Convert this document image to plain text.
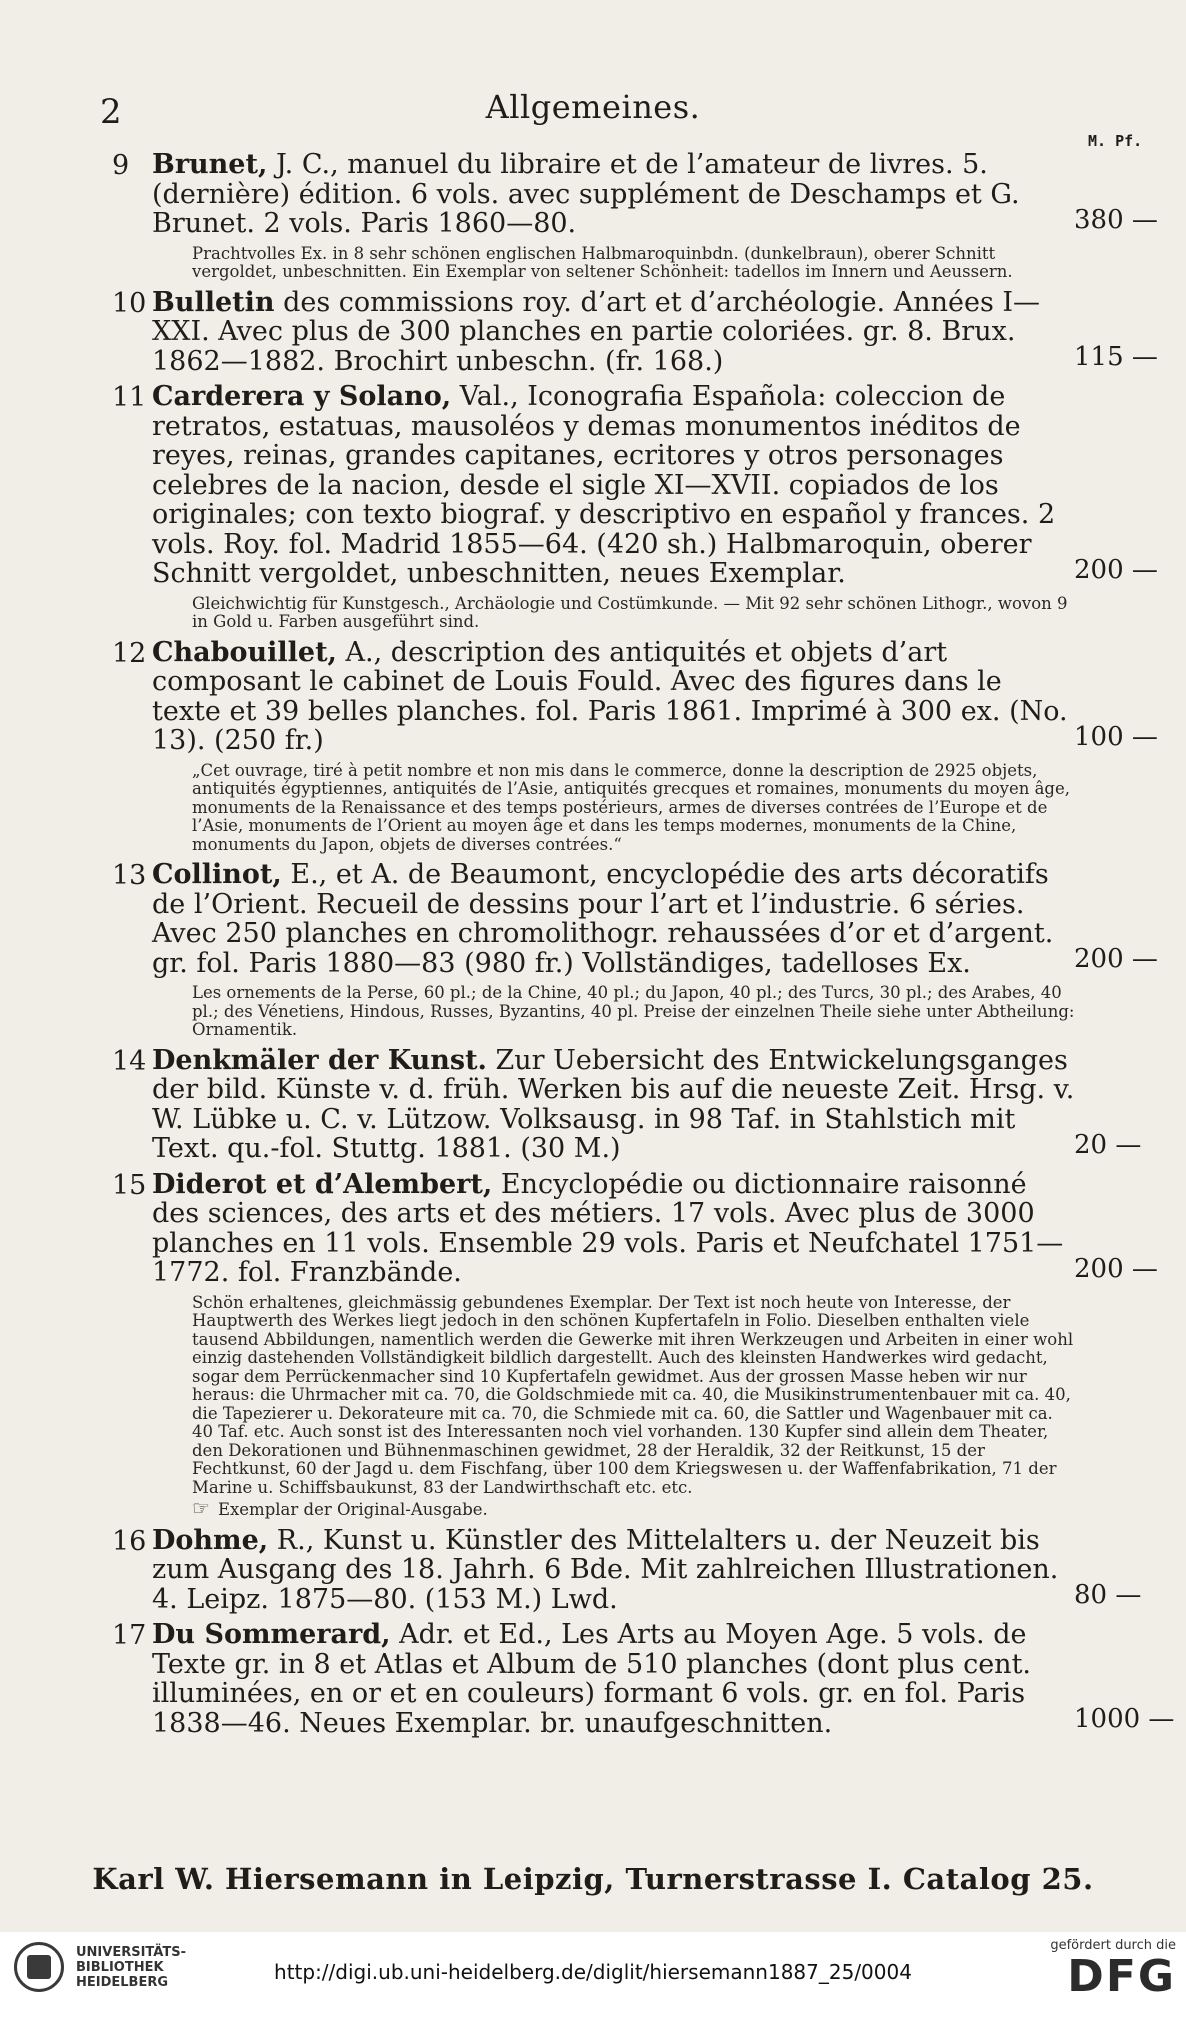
2	Allgemeines.
M. Pf.
9 Brunet, J. C., manuel du libraire et de l’amateur de livres. 5. (dernière) édition. 6 vols. avec supplément de Deschamps et G. Brunet. 2 vols. Paris 1860—80.	380 —
Prachtvolles Ex. in 8 sehr schönen englischen Halbmaroquinbdn. (dunkelbraun), oberer Schnitt vergoldet, unbeschnitten. Ein Exemplar von seltener Schönheit: tadellos im Innern und Aeussern.
10 Bulletin des commissions roy. d’art et d’archéologie. Années I—XXI. Avec plus de 300 planches en partie coloriées. gr. 8. Brux. 1862—1882. Brochirt unbeschn. (fr. 168.)	115 —
11 Carderera y Solano, Val., Iconografia Española: coleccion de retratos, estatuas, mausoléos y demas monumentos inéditos de reyes, reinas, grandes capitanes, ecritores y otros personages celebres de la nacion, desde el sigle XI—XVII. copiados de los originales; con texto biograf. y descriptivo en español y frances. 2 vols. Roy. fol. Madrid 1855—64. (420 sh.) Halbmaroquin, oberer Schnitt vergoldet, unbeschnitten, neues Exemplar.	200 —
Gleichwichtig für Kunstgesch., Archäologie und Costümkunde. — Mit 92 sehr schönen Lithogr., wovon 9 in Gold u. Farben ausgeführt sind.
12 Chabouillet, A., description des antiquités et objets d’art composant le cabinet de Louis Fould. Avec des figures dans le texte et 39 belles planches. fol. Paris 1861. Imprimé à 300 ex. (No. 13). (250 fr.)	100 —
„Cet ouvrage, tiré à petit nombre et non mis dans le commerce, donne la description de 2925 objets, antiquités égyptiennes, antiquités de l’Asie, antiquités grecques et romaines, monuments du moyen âge, monuments de la Renaissance et des temps postérieurs, armes de diverses contrées de l’Europe et de l’Asie, monuments de l’Orient au moyen âge et dans les temps modernes, monuments de la Chine, monuments du Japon, objets de diverses contrées.“
13 Collinot, E., et A. de Beaumont, encyclopédie des arts décoratifs de l’Orient. Recueil de dessins pour l’art et l’industrie. 6 séries. Avec 250 planches en chromolithogr. rehaussées d’or et d’argent. gr. fol. Paris 1880—83 (980 fr.) Vollständiges, tadelloses Ex.	200 —
Les ornements de la Perse, 60 pl.; de la Chine, 40 pl.; du Japon, 40 pl.; des Turcs, 30 pl.; des Arabes, 40 pl.; des Vénetiens, Hindous, Russes, Byzantins, 40 pl. Preise der einzelnen Theile siehe unter Abtheilung: Ornamentik.
14 Denkmäler der Kunst. Zur Uebersicht des Entwickelungsganges der bild. Künste v. d. früh. Werken bis auf die neueste Zeit. Hrsg. v. W. Lübke u. C. v. Lützow. Volksausg. in 98 Taf. in Stahlstich mit Text. qu.-fol. Stuttg. 1881. (30 M.)	20 —
15 Diderot et d’Alembert, Encyclopédie ou dictionnaire raisonné des sciences, des arts et des métiers. 17 vols. Avec plus de 3000 planches en 11 vols. Ensemble 29 vols. Paris et Neufchatel 1751—1772. fol. Franzbände.	200 —
Schön erhaltenes, gleichmässig gebundenes Exemplar. Der Text ist noch heute von Interesse, der Hauptwerth des Werkes liegt jedoch in den schönen Kupfertafeln in Folio. Dieselben enthalten viele tausend Abbildungen, namentlich werden die Gewerke mit ihren Werkzeugen und Arbeiten in einer wohl einzig dastehenden Vollständigkeit bildlich dargestellt. Auch des kleinsten Handwerkes wird gedacht, sogar dem Perrückenmacher sind 10 Kupfertafeln gewidmet. Aus der grossen Masse heben wir nur heraus: die Uhrmacher mit ca. 70, die Goldschmiede mit ca. 40, die Musikinstrumentenbauer mit ca. 40, die Tapezierer u. Dekorateure mit ca. 70, die Schmiede mit ca. 60, die Sattler und Wagenbauer mit ca. 40 Taf. etc. Auch sonst ist des Interessanten noch viel vorhanden. 130 Kupfer sind allein dem Theater, den Dekorationen und Bühnenmaschinen gewidmet, 28 der Heraldik, 32 der Reitkunst, 15 der Fechtkunst, 60 der Jagd u. dem Fischfang, über 100 dem Kriegswesen u. der Waffenfabrikation, 71 der Marine u. Schiffsbaukunst, 83 der Landwirthschaft etc. etc.
☞ Exemplar der Original-Ausgabe.
16 Dohme, R., Kunst u. Künstler des Mittelalters u. der Neuzeit bis zum Ausgang des 18. Jahrh. 6 Bde. Mit zahlreichen Illustrationen. 4. Leipz. 1875—80. (153 M.) Lwd.	80 —
17 Du Sommerard, Adr. et Ed., Les Arts au Moyen Age. 5 vols. de Texte gr. in 8 et Atlas et Album de 510 planches (dont plus cent. illuminées, en or et en couleurs) formant 6 vols. gr. en fol. Paris 1838—46. Neues Exemplar. br. unaufgeschnitten.	1000 —
Karl W. Hiersemann in Leipzig, Turnerstrasse I. Catalog 25.
UNIVERSITÄTS-
BIBLIOTHEK
HEIDELBERG	http://digi.ub.uni-heidelberg.de/diglit/hiersemann1887_25/0004
gefördert durch die
DFG
